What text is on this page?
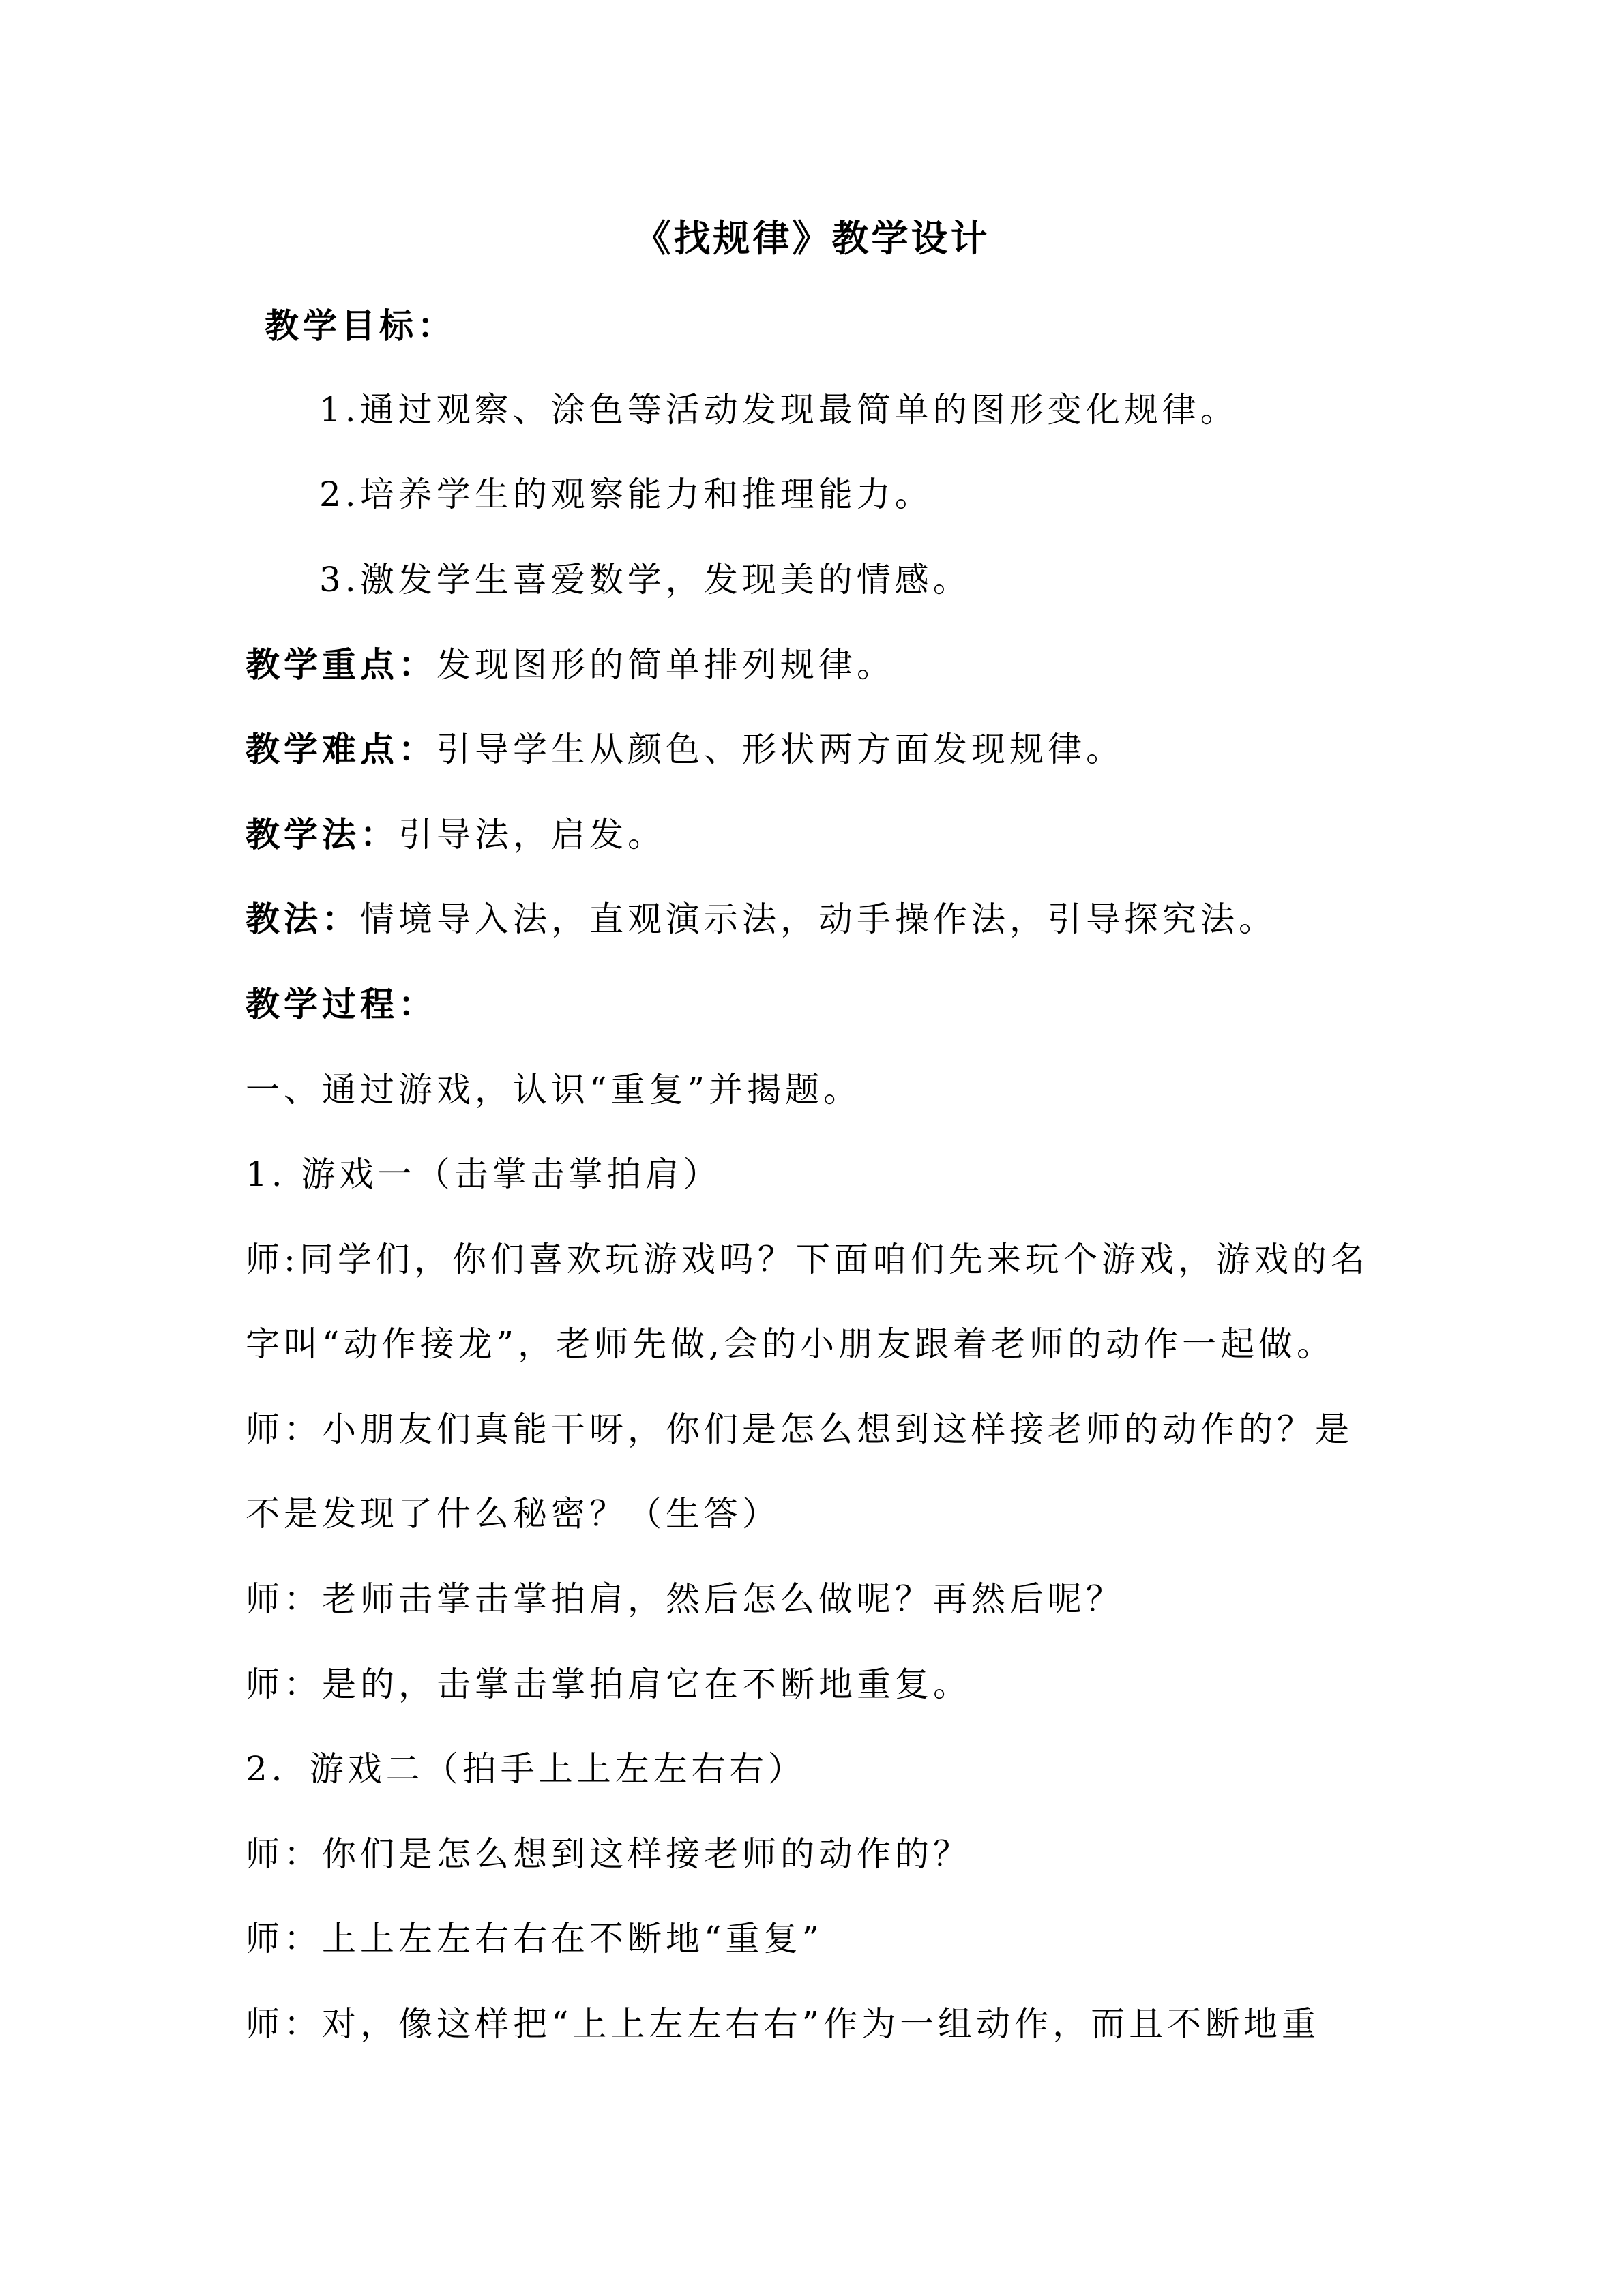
《找规律》教学设计
教学目标：
1.通过观察、涂色等活动发现最简单的图形变化规律。
2.培养学生的观察能力和推理能力。
3.激发学生喜爱数学，发现美的情感。
教学重点：发现图形的简单排列规律。
教学难点：引导学生从颜色、形状两方面发现规律。
教学法：引导法，启发。
教法：情境导入法，直观演示法，动手操作法，引导探究法。
教学过程：
一、通过游戏，认识“重复”并揭题。
1. 游戏一（击掌击掌拍肩）
师:同学们，你们喜欢玩游戏吗？下面咱们先来玩个游戏，游戏的名
字叫“动作接龙”，老师先做,会的小朋友跟着老师的动作一起做。
师：小朋友们真能干呀，你们是怎么想到这样接老师的动作的？是
不是发现了什么秘密？（生答）
师：老师击掌击掌拍肩，然后怎么做呢？再然后呢？
师：是的，击掌击掌拍肩它在不断地重复。
2．游戏二（拍手上上左左右右）
师：你们是怎么想到这样接老师的动作的？
师：上上左左右右在不断地“重复”
师：对，像这样把“上上左左右右”作为一组动作，而且不断地重
